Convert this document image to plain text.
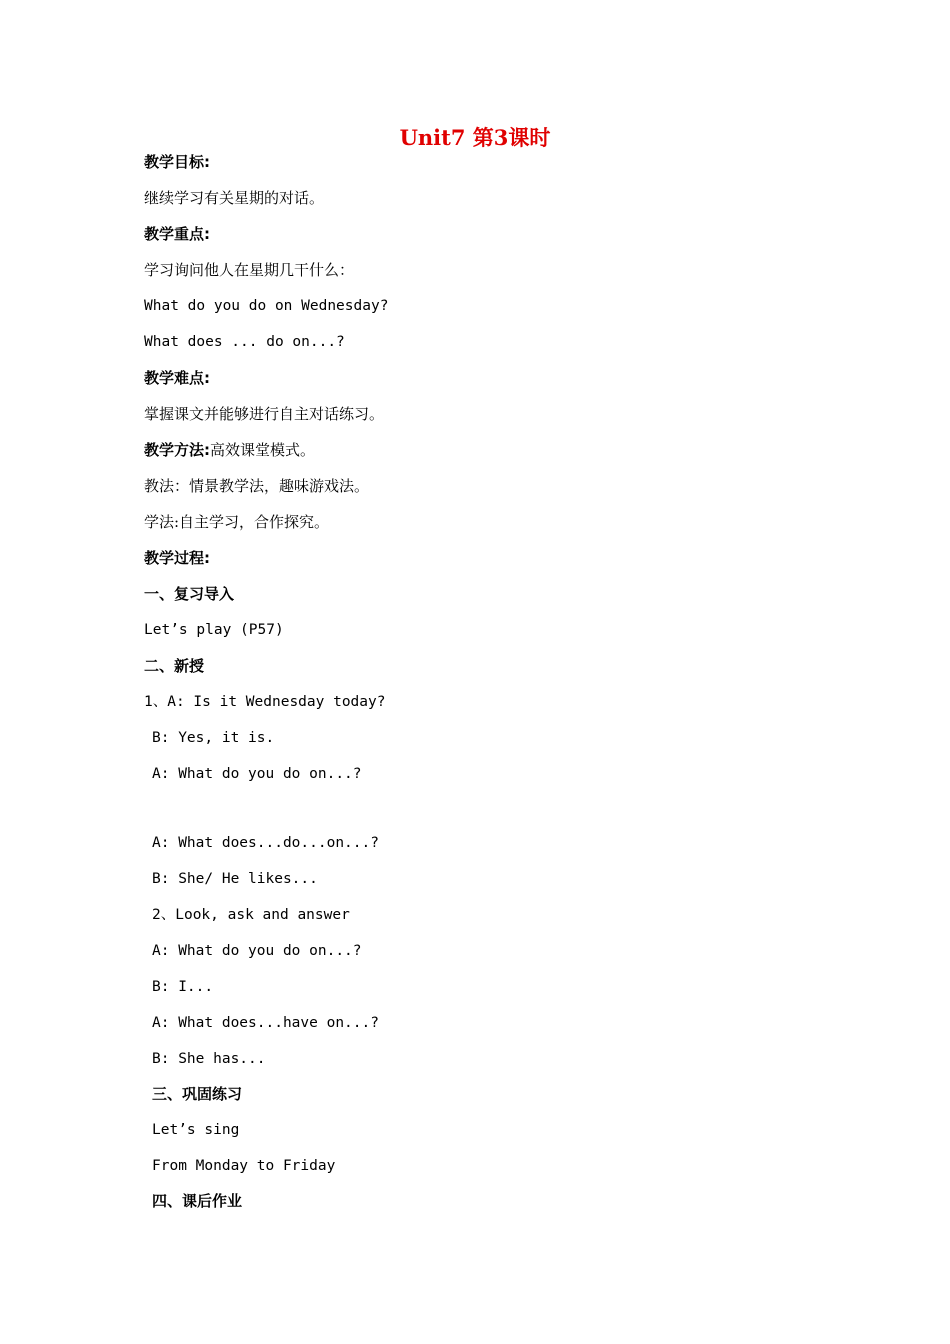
Unit7 第3课时
教学目标:
继续学习有关星期的对话。
教学重点:
学习询问他人在星期几干什么：
What do you do on Wednesday?
What does ... do on...?
教学难点:
掌握课文并能够进行自主对话练习。
教学方法:高效课堂模式。
教法：情景教学法，趣味游戏法。
学法:自主学习，合作探究。
教学过程:
一、复习导入
Let’s play (P57)
二、新授
1、A: Is it Wednesday today?
B: Yes, it is.
A: What do you do on...?
A: What does...do...on...?
B: She/ He likes...
2、Look, ask and answer
A: What do you do on...?
B: I...
A: What does...have on...?
B: She has...
三、巩固练习
Let’s sing
From Monday to Friday
四、课后作业
